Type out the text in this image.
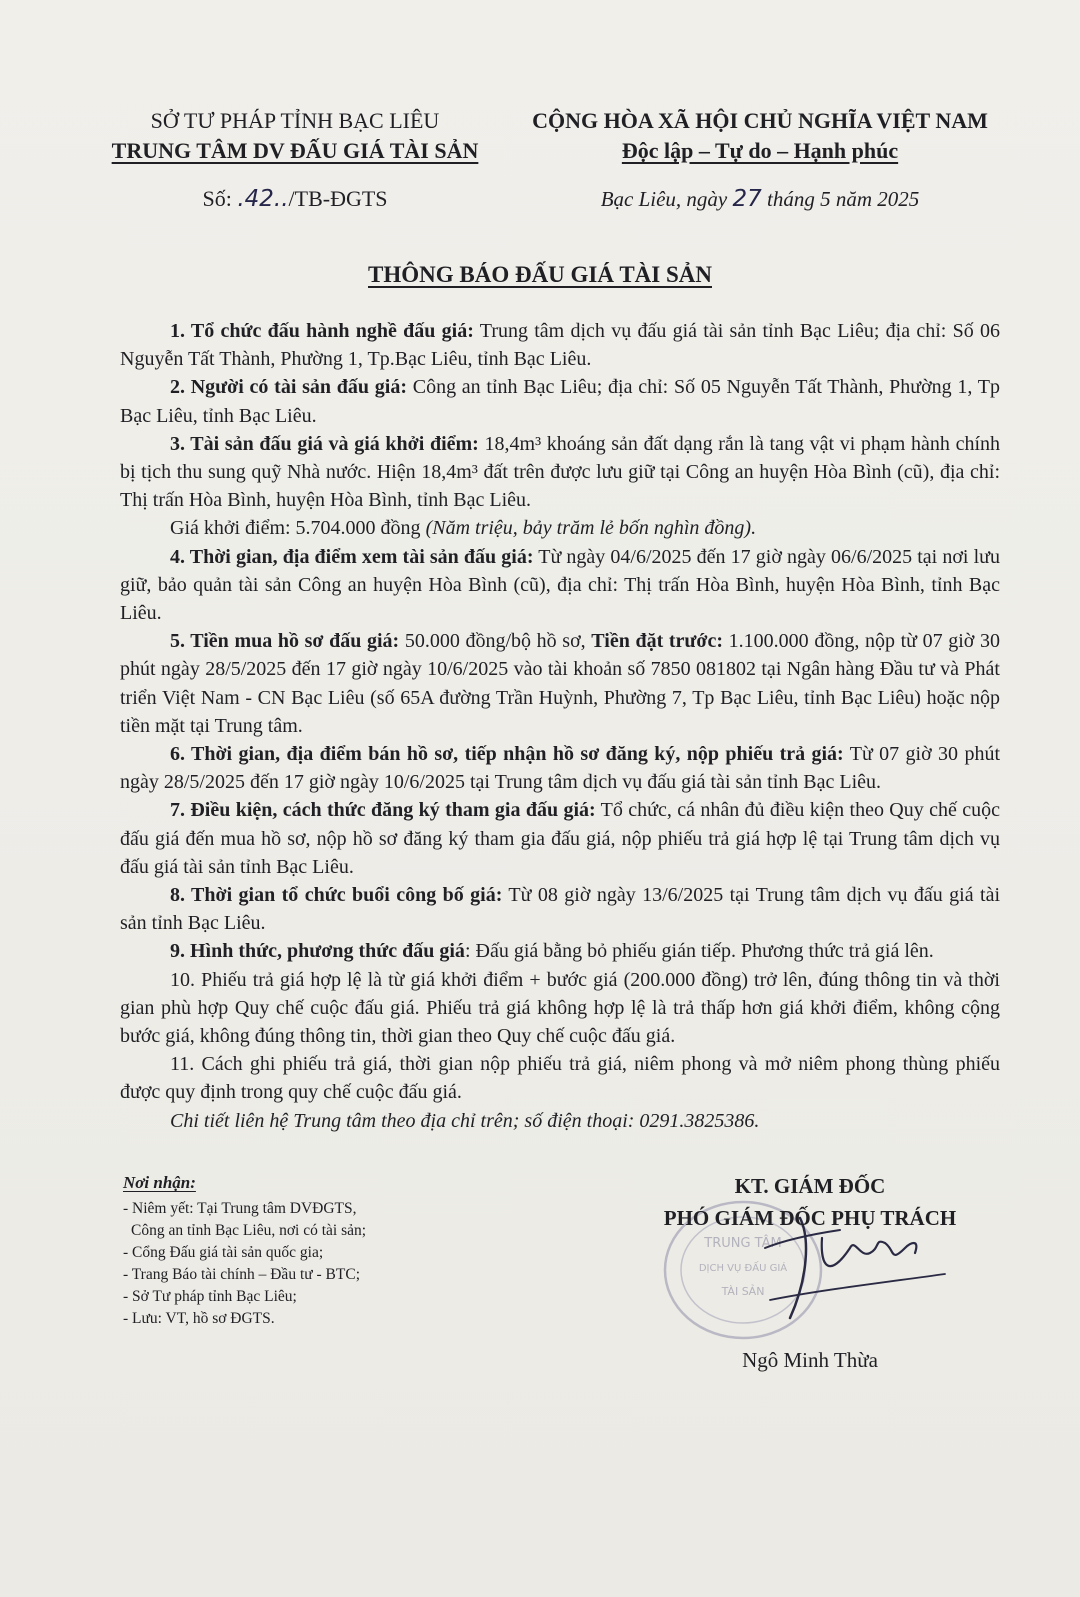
SỞ TƯ PHÁP TỈNH BẠC LIÊU
TRUNG TÂM DV ĐẤU GIÁ TÀI SẢN
Số: .42../TB-ĐGTS
CỘNG HÒA XÃ HỘI CHỦ NGHĨA VIỆT NAM
Độc lập – Tự do – Hạnh phúc
Bạc Liêu, ngày 27 tháng 5 năm 2025
THÔNG BÁO ĐẤU GIÁ TÀI SẢN

1. Tổ chức đấu hành nghề đấu giá: Trung tâm dịch vụ đấu giá tài sản tỉnh Bạc Liêu; địa chỉ: Số 06 Nguyễn Tất Thành, Phường 1, Tp.Bạc Liêu, tỉnh Bạc Liêu.

2. Người có tài sản đấu giá: Công an tỉnh Bạc Liêu; địa chỉ: Số 05 Nguyễn Tất Thành, Phường 1, Tp Bạc Liêu, tỉnh Bạc Liêu.

3. Tài sản đấu giá và giá khởi điểm: 18,4m³ khoáng sản đất dạng rắn là tang vật vi phạm hành chính bị tịch thu sung quỹ Nhà nước. Hiện 18,4m³ đất trên được lưu giữ tại Công an huyện Hòa Bình (cũ), địa chỉ: Thị trấn Hòa Bình, huyện Hòa Bình, tỉnh Bạc Liêu.

Giá khởi điểm: 5.704.000 đồng (Năm triệu, bảy trăm lẻ bốn nghìn đồng).

4. Thời gian, địa điểm xem tài sản đấu giá: Từ ngày 04/6/2025 đến 17 giờ ngày 06/6/2025 tại nơi lưu giữ, bảo quản tài sản Công an huyện Hòa Bình (cũ), địa chỉ: Thị trấn Hòa Bình, huyện Hòa Bình, tỉnh Bạc Liêu.

5. Tiền mua hồ sơ đấu giá: 50.000 đồng/bộ hồ sơ, Tiền đặt trước: 1.100.000 đồng, nộp từ 07 giờ 30 phút ngày 28/5/2025 đến 17 giờ ngày 10/6/2025 vào tài khoản số 7850 081802 tại Ngân hàng Đầu tư và Phát triển Việt Nam - CN Bạc Liêu (số 65A đường Trần Huỳnh, Phường 7, Tp Bạc Liêu, tỉnh Bạc Liêu) hoặc nộp tiền mặt tại Trung tâm.

6. Thời gian, địa điểm bán hồ sơ, tiếp nhận hồ sơ đăng ký, nộp phiếu trả giá: Từ 07 giờ 30 phút ngày 28/5/2025 đến 17 giờ ngày 10/6/2025 tại Trung tâm dịch vụ đấu giá tài sản tỉnh Bạc Liêu.

7. Điều kiện, cách thức đăng ký tham gia đấu giá: Tổ chức, cá nhân đủ điều kiện theo Quy chế cuộc đấu giá đến mua hồ sơ, nộp hồ sơ đăng ký tham gia đấu giá, nộp phiếu trả giá hợp lệ tại Trung tâm dịch vụ đấu giá tài sản tỉnh Bạc Liêu.

8. Thời gian tổ chức buổi công bố giá: Từ 08 giờ ngày 13/6/2025 tại Trung tâm dịch vụ đấu giá tài sản tỉnh Bạc Liêu.

9. Hình thức, phương thức đấu giá: Đấu giá bằng bỏ phiếu gián tiếp. Phương thức trả giá lên.

10. Phiếu trả giá hợp lệ là từ giá khởi điểm + bước giá (200.000 đồng) trở lên, đúng thông tin và thời gian phù hợp Quy chế cuộc đấu giá. Phiếu trả giá không hợp lệ là trả thấp hơn giá khởi điểm, không cộng bước giá, không đúng thông tin, thời gian theo Quy chế cuộc đấu giá.

11. Cách ghi phiếu trả giá, thời gian nộp phiếu trả giá, niêm phong và mở niêm phong thùng phiếu được quy định trong quy chế cuộc đấu giá.

Chi tiết liên hệ Trung tâm theo địa chỉ trên; số điện thoại: 0291.3825386.

Nơi nhận:
- Niêm yết: Tại Trung tâm DVĐGTS,
Công an tỉnh Bạc Liêu, nơi có tài sản;
- Cổng Đấu giá tài sản quốc gia;
- Trang Báo tài chính – Đầu tư - BTC;
- Sở Tư pháp tỉnh Bạc Liêu;
- Lưu: VT, hồ sơ ĐGTS.
TRUNG TÂM
DỊCH VỤ ĐẤU GIÁ
TÀI SẢN
KT. GIÁM ĐỐC
PHÓ GIÁM ĐỐC PHỤ TRÁCH
Ngô Minh Thừa
